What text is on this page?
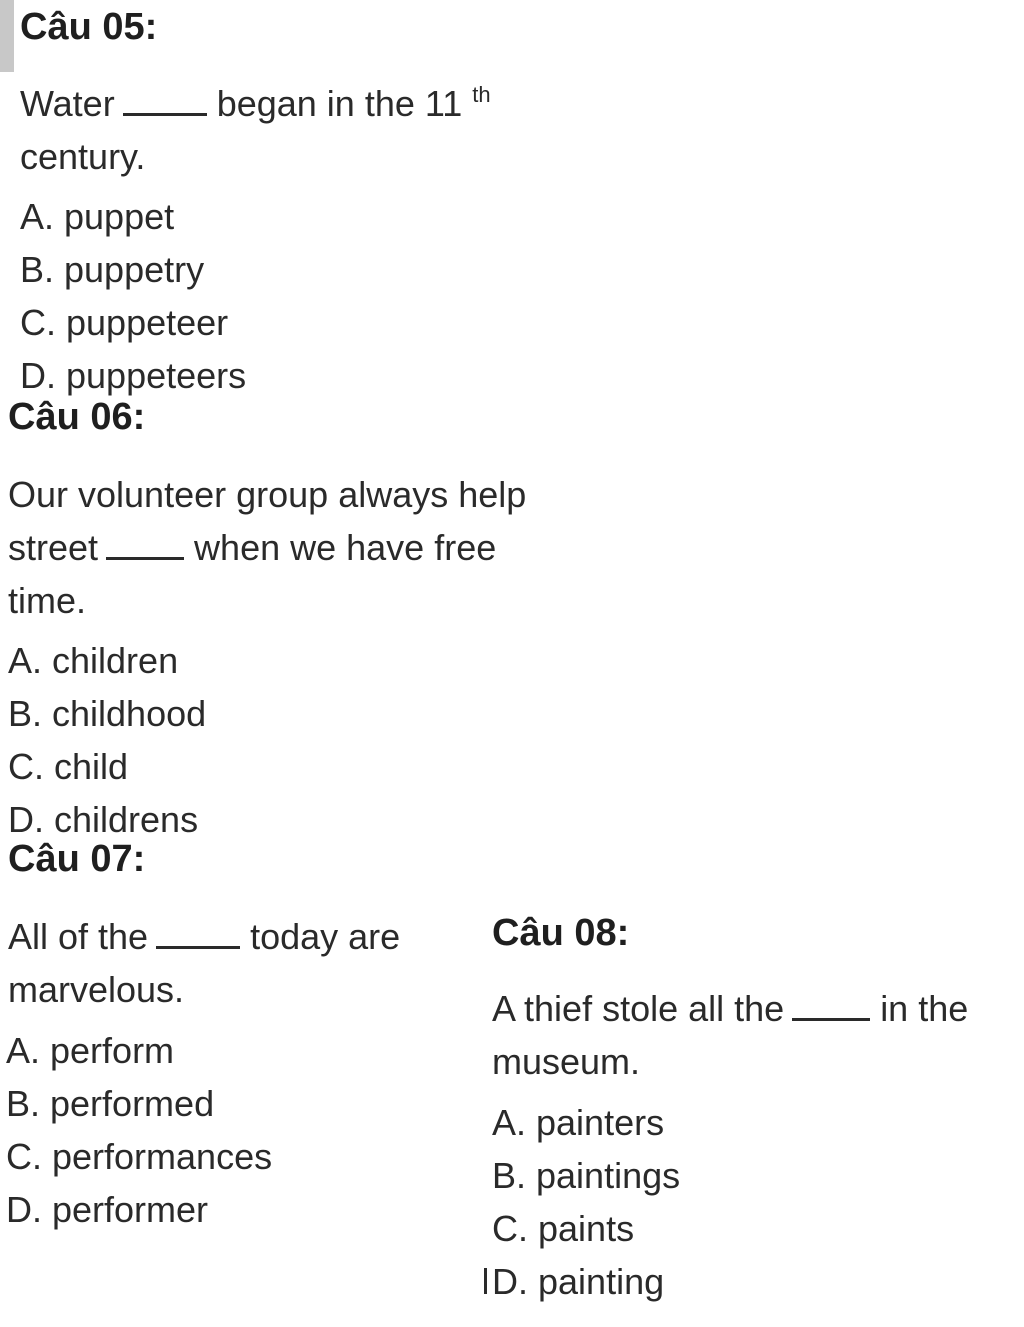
Câu 05:
Water	began in the 11 $^{th}$
century.
A. puppet
B. puppetry
C. puppeteer
D. puppeteers
Câu 06:
Our volunteer group always help
street	when we have free
time.
A. children
B. childhood
C. child
D. childrens
Câu 07:
All of the	today are
marvelous.
A. perform
B. performed
C. performances
D. performer
Câu 08:
A thief stole all the	in the
museum.
A. painters
B. paintings
C. paints
D. painting
